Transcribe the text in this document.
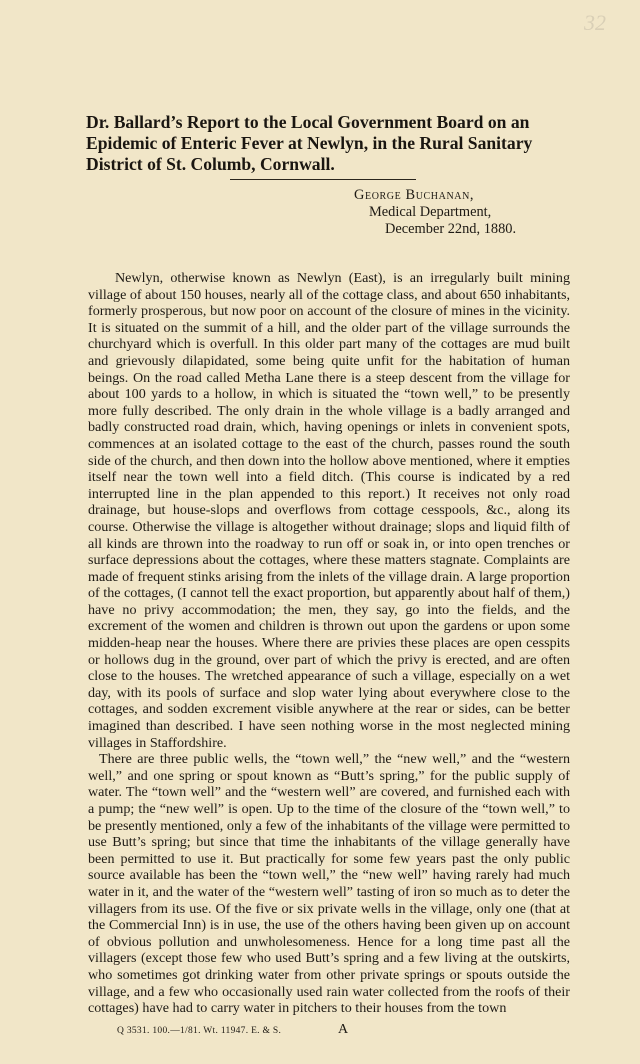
32
Dr. Ballard’s Report to the Local Government Board on an Epidemic of Enteric Fever at Newlyn, in the Rural Sanitary District of St. Columb, Cornwall.
George Buchanan,
Medical Department,
December 22nd, 1880.

Newlyn, otherwise known as Newlyn (East), is an irregularly built mining village of about 150 houses, nearly all of the cottage class, and about 650 inhabitants, formerly prosperous, but now poor on account of the closure of mines in the vicinity. It is situated on the summit of a hill, and the older part of the village surrounds the churchyard which is overfull. In this older part many of the cottages are mud built and grievously dilapidated, some being quite unfit for the habitation of human beings. On the road called Metha Lane there is a steep descent from the village for about 100 yards to a hollow, in which is situated the “town well,” to be presently more fully described. The only drain in the whole village is a badly arranged and badly constructed road drain, which, having openings or inlets in convenient spots, commences at an isolated cottage to the east of the church, passes round the south side of the church, and then down into the hollow above mentioned, where it empties itself near the town well into a field ditch. (This course is indicated by a red interrupted line in the plan appended to this report.) It receives not only road drainage, but house-slops and overflows from cottage cesspools, &c., along its course. Otherwise the village is altogether without drainage; slops and liquid filth of all kinds are thrown into the roadway to run off or soak in, or into open trenches or surface depressions about the cottages, where these matters stagnate. Complaints are made of frequent stinks arising from the inlets of the village drain. A large proportion of the cottages, (I cannot tell the exact proportion, but apparently about half of them,) have no privy accommodation; the men, they say, go into the fields, and the excrement of the women and children is thrown out upon the gardens or upon some midden-heap near the houses. Where there are privies these places are open cesspits or hollows dug in the ground, over part of which the privy is erected, and are often close to the houses. The wretched appearance of such a village, especially on a wet day, with its pools of surface and slop water lying about everywhere close to the cottages, and sodden excrement visible anywhere at the rear or sides, can be better imagined than described. I have seen nothing worse in the most neglected mining villages in Staffordshire.

There are three public wells, the “town well,” the “new well,” and the “western well,” and one spring or spout known as “Butt’s spring,” for the public supply of water. The “town well” and the “western well” are covered, and furnished each with a pump; the “new well” is open. Up to the time of the closure of the “town well,” to be presently mentioned, only a few of the inhabitants of the village were permitted to use Butt’s spring; but since that time the inhabitants of the village generally have been permitted to use it. But practically for some few years past the only public source available has been the “town well,” the “new well” having rarely had much water in it, and the water of the “western well” tasting of iron so much as to deter the villagers from its use. Of the five or six private wells in the village, only one (that at the Commercial Inn) is in use, the use of the others having been given up on account of obvious pollution and unwholesomeness. Hence for a long time past all the villagers (except those few who used Butt’s spring and a few living at the outskirts, who sometimes got drinking water from other private springs or spouts outside the village, and a few who occasionally used rain water collected from the roofs of their cottages) have had to carry water in pitchers to their houses from the town

Q 3531. 100.—1/81. Wt. 11947. E. & S.	A
